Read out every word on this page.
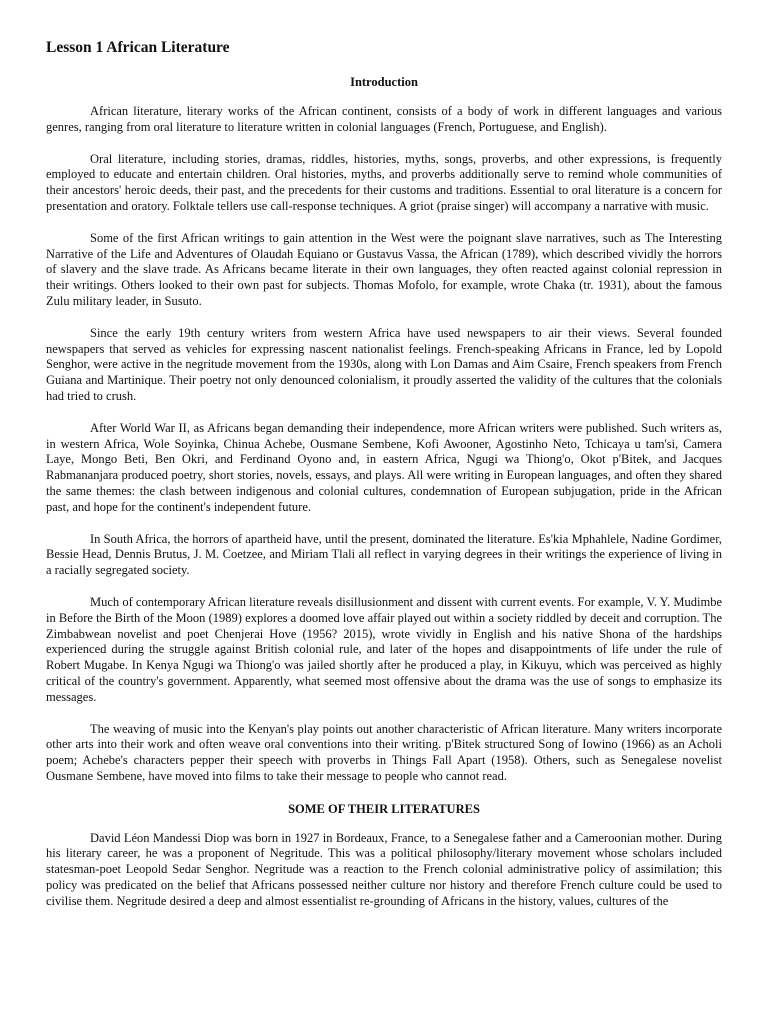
Lesson 1 African Literature
Introduction

African literature, literary works of the African continent, consists of a body of work in different languages and various genres, ranging from oral literature to literature written in colonial languages (French, Portuguese, and English).

Oral literature, including stories, dramas, riddles, histories, myths, songs, proverbs, and other expressions, is frequently employed to educate and entertain children. Oral histories, myths, and proverbs additionally serve to remind whole communities of their ancestors' heroic deeds, their past, and the precedents for their customs and traditions. Essential to oral literature is a concern for presentation and oratory. Folktale tellers use call-response techniques. A griot (praise singer) will accompany a narrative with music.

Some of the first African writings to gain attention in the West were the poignant slave narratives, such as The Interesting Narrative of the Life and Adventures of Olaudah Equiano or Gustavus Vassa, the African (1789), which described vividly the horrors of slavery and the slave trade. As Africans became literate in their own languages, they often reacted against colonial repression in their writings. Others looked to their own past for subjects. Thomas Mofolo, for example, wrote Chaka (tr. 1931), about the famous Zulu military leader, in Susuto.

Since the early 19th century writers from western Africa have used newspapers to air their views. Several founded newspapers that served as vehicles for expressing nascent nationalist feelings. French-speaking Africans in France, led by Lopold Senghor, were active in the negritude movement from the 1930s, along with Lon Damas and Aim Csaire, French speakers from French Guiana and Martinique. Their poetry not only denounced colonialism, it proudly asserted the validity of the cultures that the colonials had tried to crush.

After World War II, as Africans began demanding their independence, more African writers were published. Such writers as, in western Africa, Wole Soyinka, Chinua Achebe, Ousmane Sembene, Kofi Awooner, Agostinho Neto, Tchicaya u tam'si, Camera Laye, Mongo Beti, Ben Okri, and Ferdinand Oyono and, in eastern Africa, Ngugi wa Thiong'o, Okot p'Bitek, and Jacques Rabmananjara produced poetry, short stories, novels, essays, and plays. All were writing in European languages, and often they shared the same themes: the clash between indigenous and colonial cultures, condemnation of European subjugation, pride in the African past, and hope for the continent's independent future.

In South Africa, the horrors of apartheid have, until the present, dominated the literature. Es'kia Mphahlele, Nadine Gordimer, Bessie Head, Dennis Brutus, J. M. Coetzee, and Miriam Tlali all reflect in varying degrees in their writings the experience of living in a racially segregated society.

Much of contemporary African literature reveals disillusionment and dissent with current events. For example, V. Y. Mudimbe in Before the Birth of the Moon (1989) explores a doomed love affair played out within a society riddled by deceit and corruption. The Zimbabwean novelist and poet Chenjerai Hove (1956? 2015), wrote vividly in English and his native Shona of the hardships experienced during the struggle against British colonial rule, and later of the hopes and disappointments of life under the rule of Robert Mugabe. In Kenya Ngugi wa Thiong'o was jailed shortly after he produced a play, in Kikuyu, which was perceived as highly critical of the country's government. Apparently, what seemed most offensive about the drama was the use of songs to emphasize its messages.

The weaving of music into the Kenyan's play points out another characteristic of African literature. Many writers incorporate other arts into their work and often weave oral conventions into their writing. p'Bitek structured Song of Iowino (1966) as an Acholi poem; Achebe's characters pepper their speech with proverbs in Things Fall Apart (1958). Others, such as Senegalese novelist Ousmane Sembene, have moved into films to take their message to people who cannot read.

SOME OF THEIR LITERATURES

David Léon Mandessi Diop was born in 1927 in Bordeaux, France, to a Senegalese father and a Cameroonian mother. During his literary career, he was a proponent of Negritude. This was a political philosophy/literary movement whose scholars included statesman-poet Leopold Sedar Senghor. Negritude was a reaction to the French colonial administrative policy of assimilation; this policy was predicated on the belief that Africans possessed neither culture nor history and therefore French culture could be used to civilise them. Negritude desired a deep and almost essentialist re-grounding of Africans in the history, values, cultures of the
